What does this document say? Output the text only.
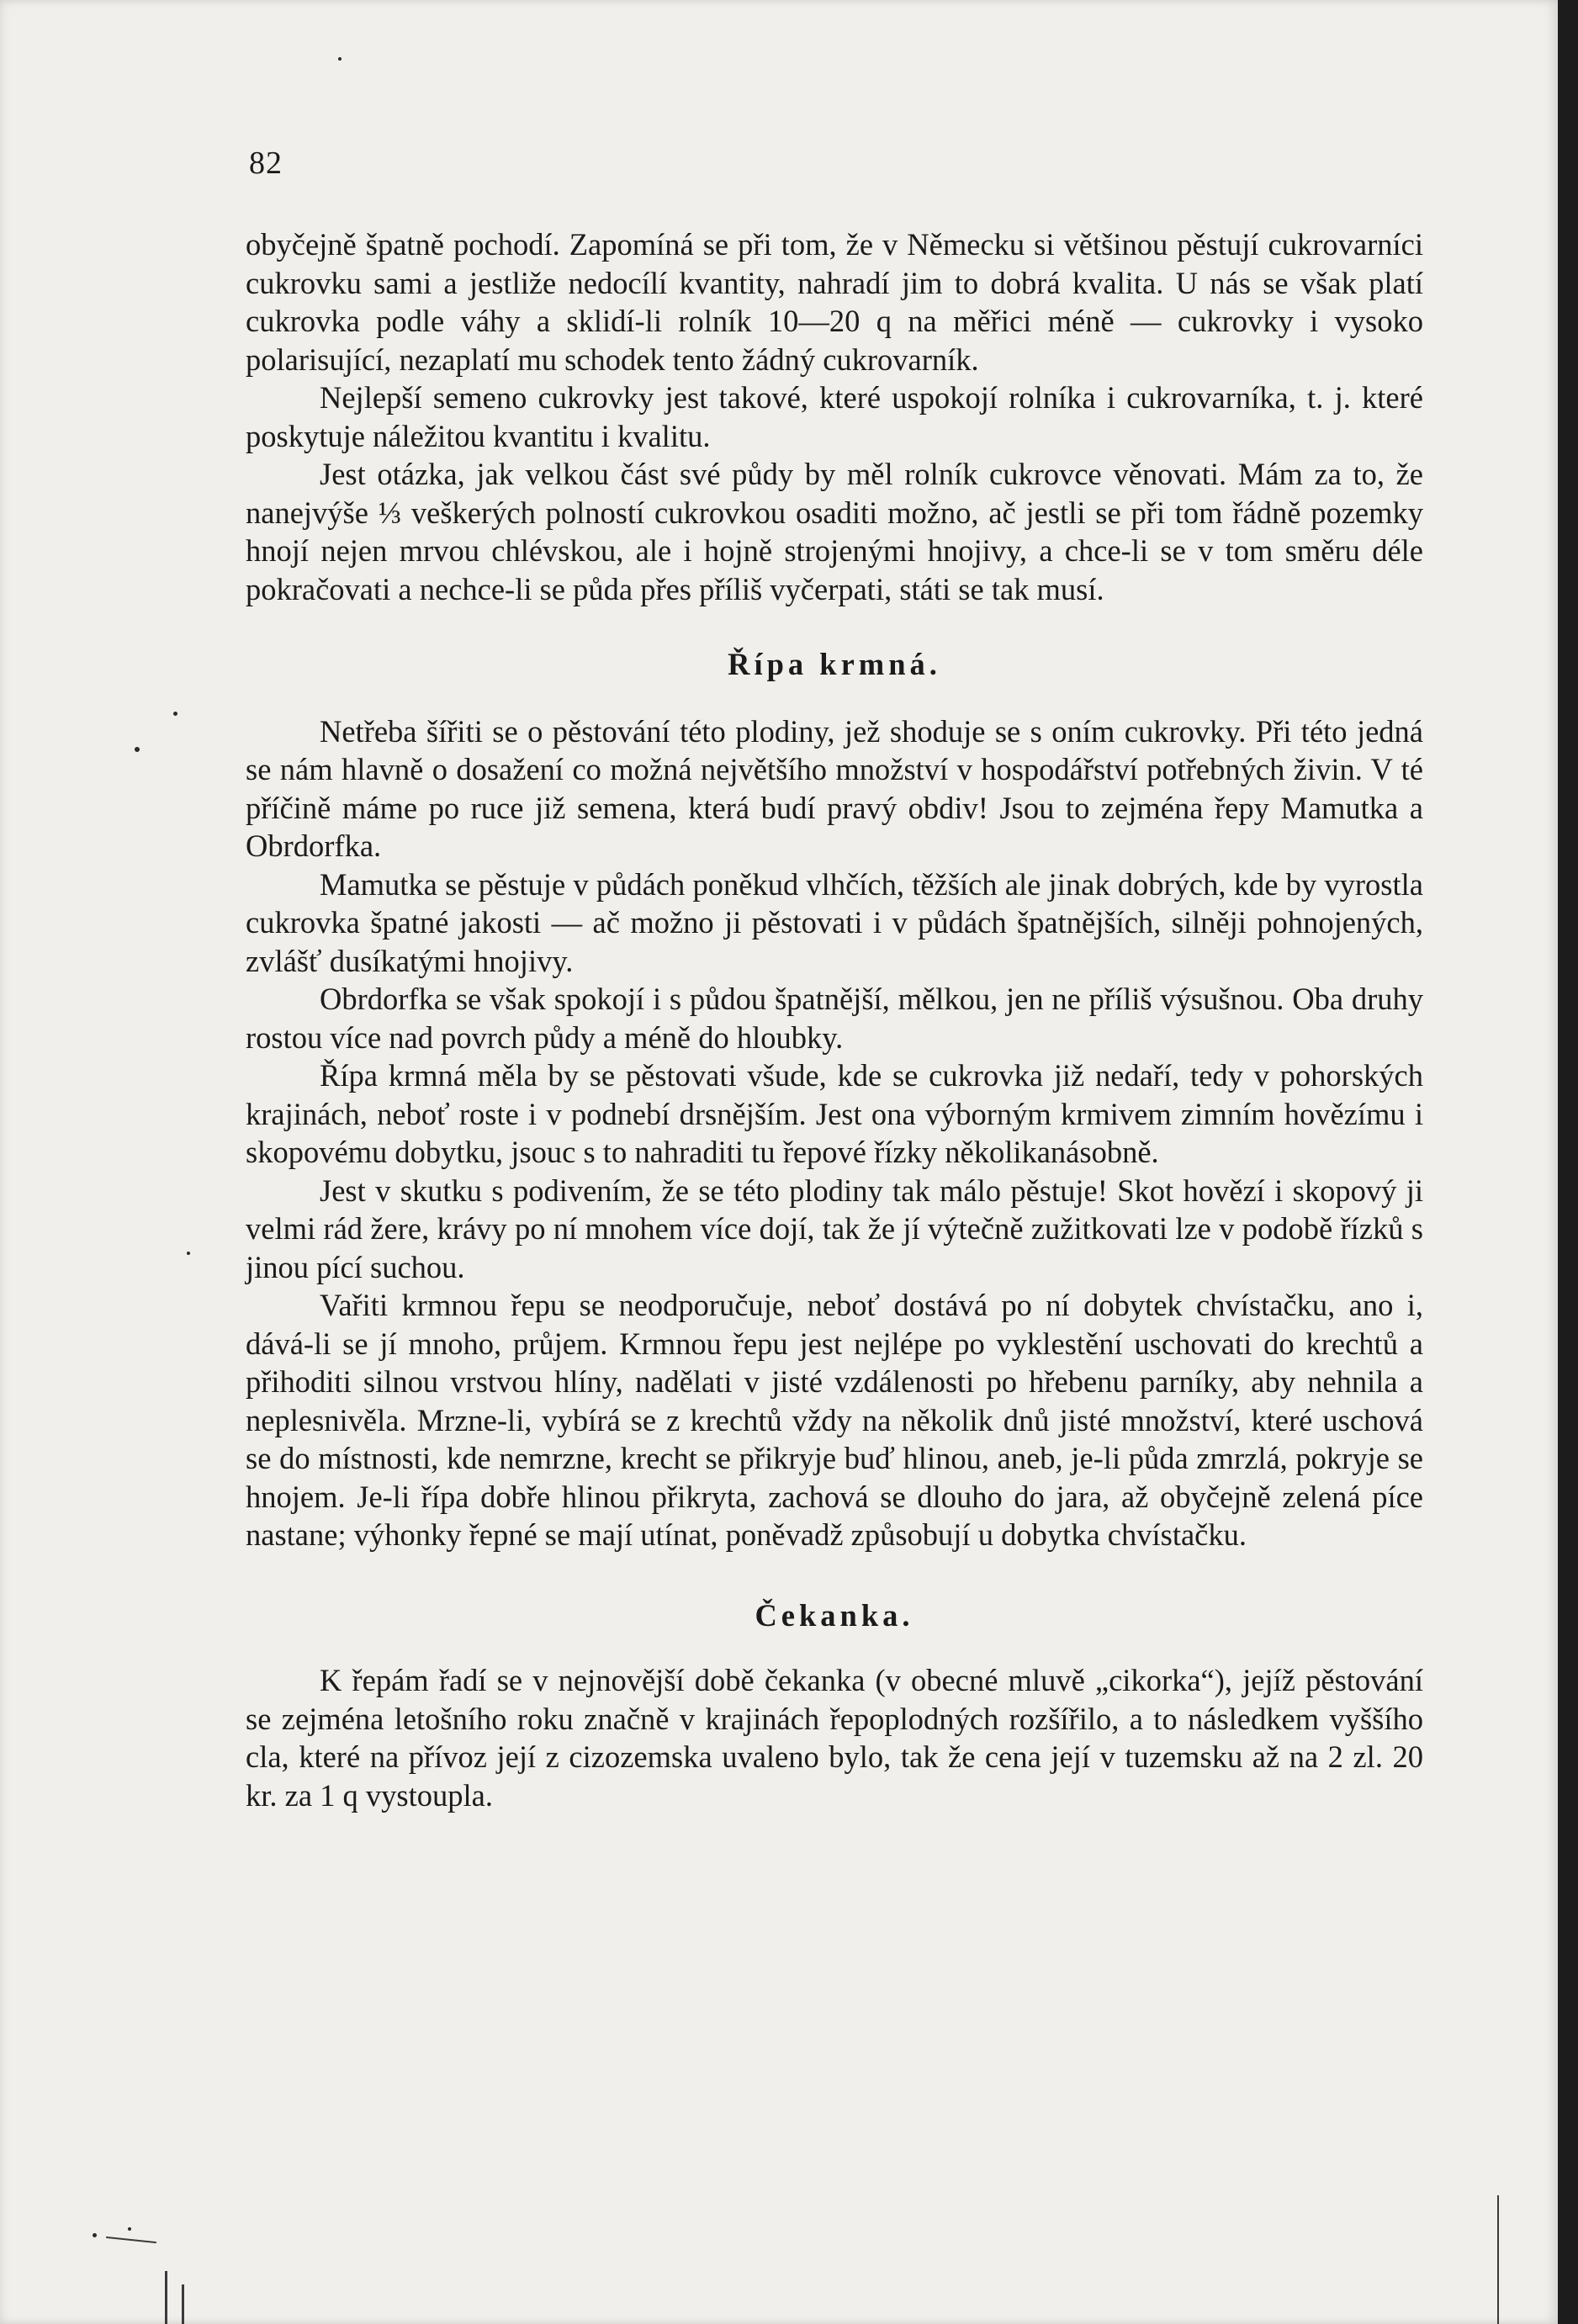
82

obyčejně špatně pochodí. Zapomíná se při tom, že v Německu si většinou pěstují cukrovarníci cukrovku sami a jestliže nedocílí kvantity, nahradí jim to dobrá kvalita. U nás se však platí cukrovka podle váhy a sklidí-li rolník 10—20 q na měřici méně — cukrovky i vysoko polarisující, nezaplatí mu schodek tento žádný cukrovarník.

Nejlepší semeno cukrovky jest takové, které uspokojí rolníka i cukrovarníka, t. j. které poskytuje náležitou kvantitu i kvalitu.

Jest otázka, jak velkou část své půdy by měl rolník cukrovce věnovati. Mám za to, že nanejvýše ⅓ veškerých polností cukrovkou osaditi možno, ač jestli se při tom řádně pozemky hnojí nejen mrvou chlévskou, ale i hojně strojenými hnojivy, a chce-li se v tom směru déle pokračovati a nechce-li se půda přes příliš vyčerpati, státi se tak musí.

Řípa krmná.

Netřeba šířiti se o pěstování této plodiny, jež shoduje se s oním cukrovky. Při této jedná se nám hlavně o dosažení co možná největšího množství v hospodářství potřebných živin. V té příčině máme po ruce již semena, která budí pravý obdiv! Jsou to zejména řepy Mamutka a Obrdorfka.

Mamutka se pěstuje v půdách poněkud vlhčích, těžších ale jinak dobrých, kde by vyrostla cukrovka špatné jakosti — ač možno ji pěstovati i v půdách špatnějších, silněji pohnojených, zvlášť dusíkatými hnojivy.

Obrdorfka se však spokojí i s půdou špatnější, mělkou, jen ne příliš výsušnou. Oba druhy rostou více nad povrch půdy a méně do hloubky.

Řípa krmná měla by se pěstovati všude, kde se cukrovka již nedaří, tedy v pohorských krajinách, neboť roste i v podnebí drsnějším. Jest ona výborným krmivem zimním hovězímu i skopovému dobytku, jsouc s to nahraditi tu řepové řízky několikanásobně.

Jest v skutku s podivením, že se této plodiny tak málo pěstuje! Skot hovězí i skopový ji velmi rád žere, krávy po ní mnohem více dojí, tak že jí výtečně zužitkovati lze v podobě řízků s jinou pící suchou.

Vařiti krmnou řepu se neodporučuje, neboť dostává po ní dobytek chvístačku, ano i, dává-li se jí mnoho, průjem. Krmnou řepu jest nejlépe po vyklestění uschovati do krechtů a přihoditi silnou vrstvou hlíny, nadělati v jisté vzdálenosti po hřebenu parníky, aby nehnila a neplesnivěla. Mrzne-li, vybírá se z krechtů vždy na několik dnů jisté množství, které uschová se do místnosti, kde nemrzne, krecht se přikryje buď hlinou, aneb, je-li půda zmrzlá, pokryje se hnojem. Je-li řípa dobře hlinou přikryta, zachová se dlouho do jara, až obyčejně zelená píce nastane; výhonky řepné se mají utínat, poněvadž způsobují u dobytka chvístačku.

Čekanka.

K řepám řadí se v nejnovější době čekanka (v obecné mluvě „cikorka“), jejíž pěstování se zejména letošního roku značně v krajinách řepoplodných rozšířilo, a to následkem vyššího cla, které na přívoz její z cizozemska uvaleno bylo, tak že cena její v tuzemsku až na 2 zl. 20 kr. za 1 q vystoupla.
